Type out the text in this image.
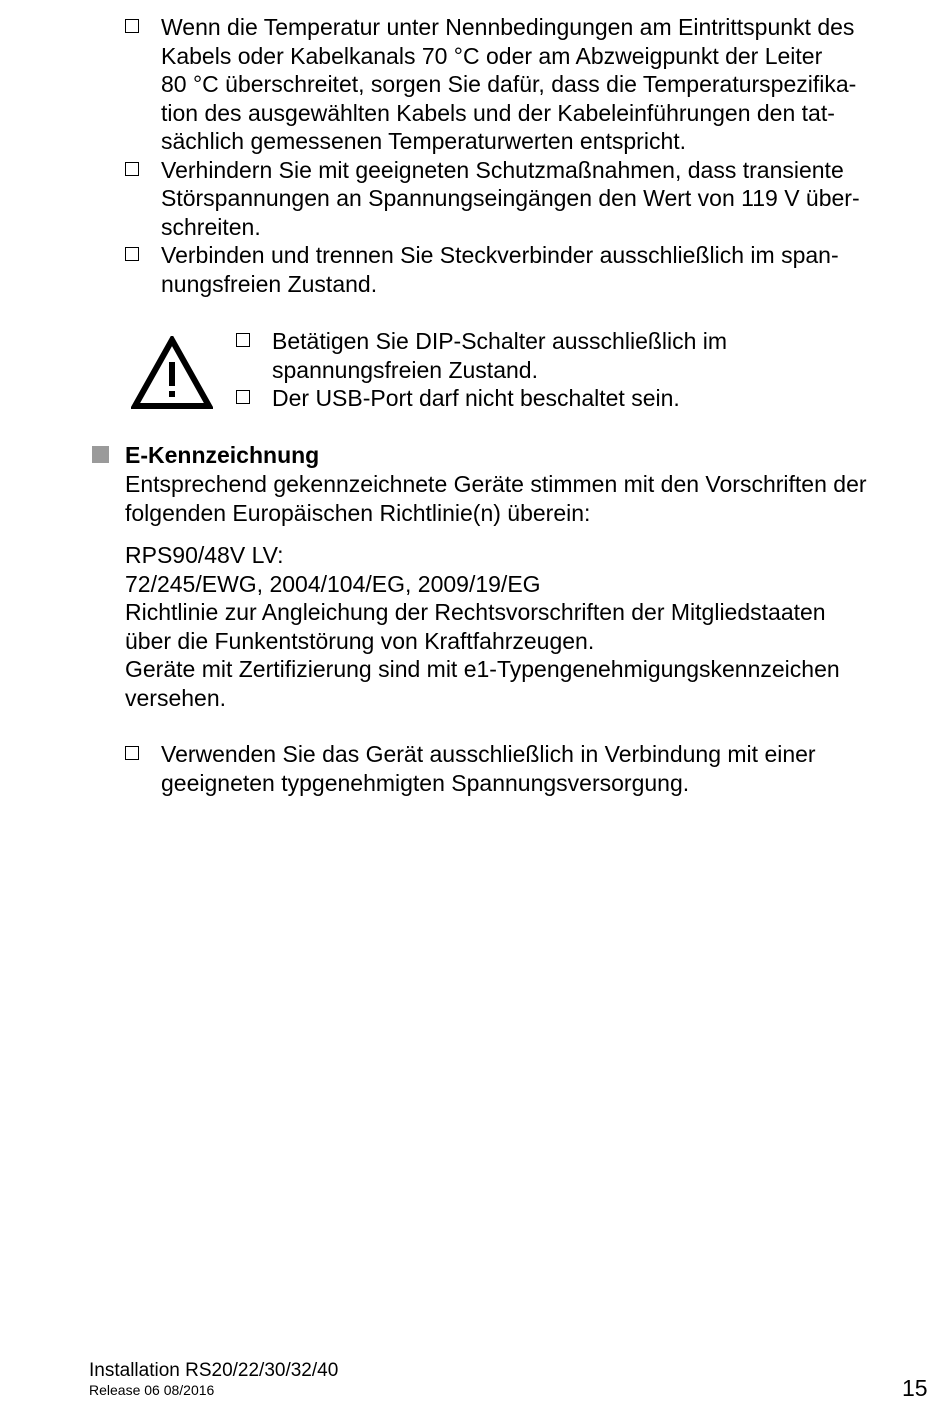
Wenn die Temperatur unter Nennbedingungen am Eintrittspunkt des
Kabels oder Kabelkanals 70 °C oder am Abzweigpunkt der Leiter
80 °C überschreitet, sorgen Sie dafür, dass die Temperaturspezifika-
tion des ausgewählten Kabels und der Kabeleinführungen den tat-
sächlich gemessenen Temperaturwerten entspricht.
Verhindern Sie mit geeigneten Schutzmaßnahmen, dass transiente
Störspannungen an Spannungseingängen den Wert von 119 V über-
schreiten.
Verbinden und trennen Sie Steckverbinder ausschließlich im span-
nungsfreien Zustand.
Betätigen Sie DIP-Schalter ausschließlich im
spannungsfreien Zustand.
Der USB-Port darf nicht beschaltet sein.
E-Kennzeichnung
Entsprechend gekennzeichnete Geräte stimmen mit den Vorschriften der
folgenden Europäischen Richtlinie(n) überein:
RPS90/48V LV:
72/245/EWG, 2004/104/EG, 2009/19/EG
Richtlinie zur Angleichung der Rechtsvorschriften der Mitgliedstaaten
über die Funkentstörung von Kraftfahrzeugen.
Geräte mit Zertifizierung sind mit e1-Typengenehmigungskennzeichen
versehen.
Verwenden Sie das Gerät ausschließlich in Verbindung mit einer
geeigneten typgenehmigten Spannungsversorgung.
Installation RS20/22/30/32/40
Release 06 08/2016	15
